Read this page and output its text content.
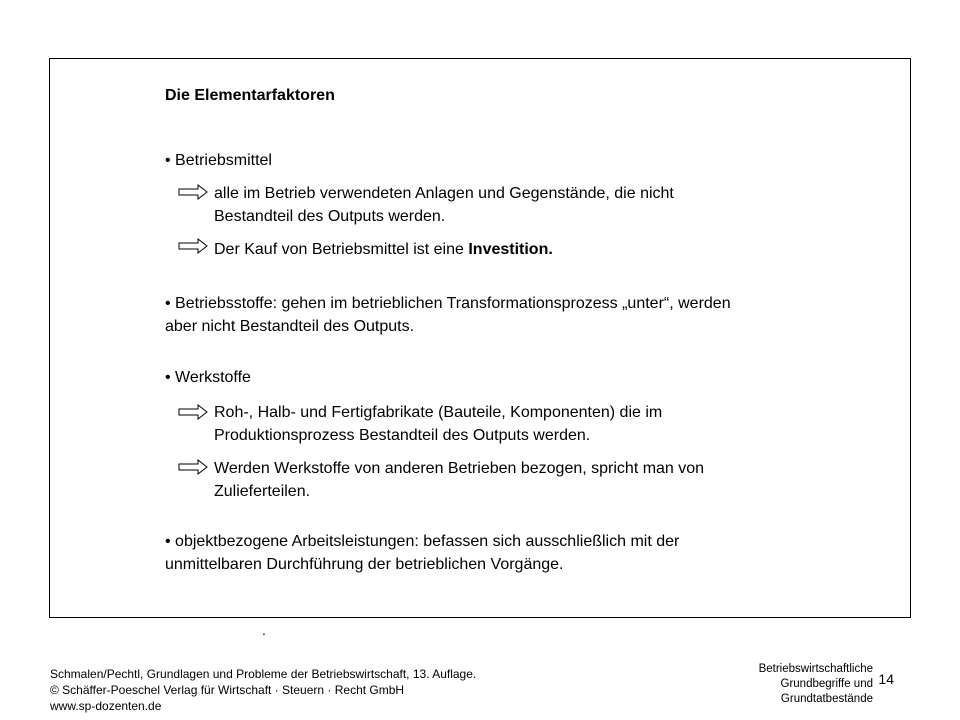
Die Elementarfaktoren

• Betriebsmittel

alle im Betrieb verwendeten Anlagen und Gegenstände, die nicht
Bestandteil des Outputs werden.
Der Kauf von Betriebsmittel ist eine Investition.
• Betriebsstoffe: gehen im betrieblichen Transformationsprozess „unter“, werden
aber nicht Bestandteil des Outputs.

• Werkstoffe

Roh-, Halb- und Fertigfabrikate (Bauteile, Komponenten) die im
Produktionsprozess Bestandteil des Outputs werden.
Werden Werkstoffe von anderen Betrieben bezogen, spricht man von
Zulieferteilen.
• objektbezogene Arbeitsleistungen: befassen sich ausschließlich mit der
unmittelbaren Durchführung der betrieblichen Vorgänge.

.

Schmalen/Pechtl, Grundlagen und Probleme der Betriebswirtschaft, 13. Auflage.
© Schäffer-Poeschel Verlag für Wirtschaft · Steuern · Recht GmbH
www.sp-dozenten.de
Betriebswirtschaftliche
Grundbegriffe und
Grundtatbestände

14
